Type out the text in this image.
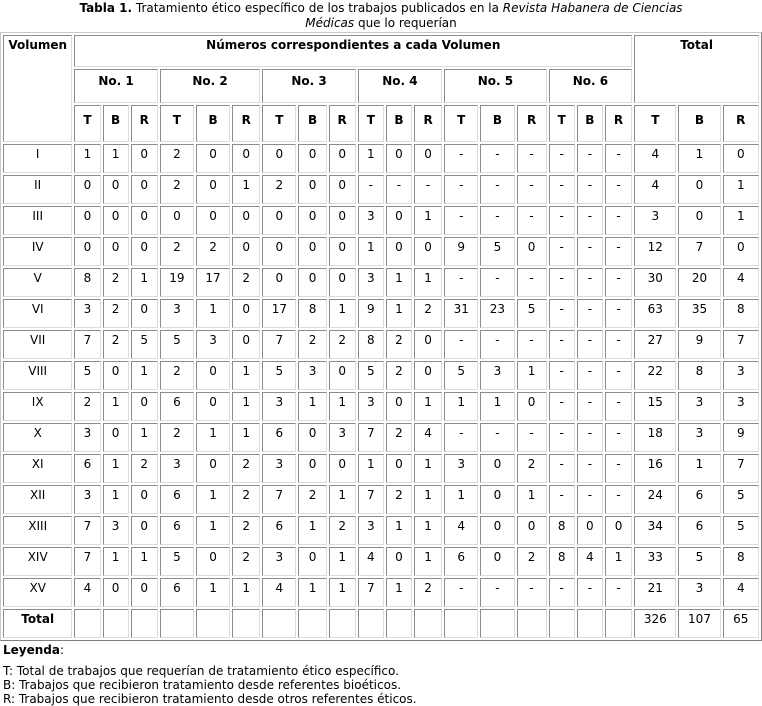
Tabla 1. Tratamiento ético específico de los trabajos publicados en la Revista Habanera de Ciencias Médicas que lo requerían
Volumen	Números correspondientes a cada Volumen																		Total		
	No. 1			No. 2			No. 3			No. 4			No. 5			No. 6					
	T	B	R	T	B	R	T	B	R	T	B	R	T	B	R	T	B	R	T	B	R
I	1	1	0	2	0	0	0	0	0	1	0	0	-	-	-	-	-	-	4	1	0
II	0	0	0	2	0	1	2	0	0	-	-	-	-	-	-	-	-	-	4	0	1
III	0	0	0	0	0	0	0	0	0	3	0	1	-	-	-	-	-	-	3	0	1
IV	0	0	0	2	2	0	0	0	0	1	0	0	9	5	0	-	-	-	12	7	0
V	8	2	1	19	17	2	0	0	0	3	1	1	-	-	-	-	-	-	30	20	4
VI	3	2	0	3	1	0	17	8	1	9	1	2	31	23	5	-	-	-	63	35	8
VII	7	2	5	5	3	0	7	2	2	8	2	0	-	-	-	-	-	-	27	9	7
VIII	5	0	1	2	0	1	5	3	0	5	2	0	5	3	1	-	-	-	22	8	3
IX	2	1	0	6	0	1	3	1	1	3	0	1	1	1	0	-	-	-	15	3	3
X	3	0	1	2	1	1	6	0	3	7	2	4	-	-	-	-	-	-	18	3	9
XI	6	1	2	3	0	2	3	0	0	1	0	1	3	0	2	-	-	-	16	1	7
XII	3	1	0	6	1	2	7	2	1	7	2	1	1	0	1	-	-	-	24	6	5
XIII	7	3	0	6	1	2	6	1	2	3	1	1	4	0	0	8	0	0	34	6	5
XIV	7	1	1	5	0	2	3	0	1	4	0	1	6	0	2	8	4	1	33	5	8
XV	4	0	0	6	1	1	4	1	1	7	1	2	-	-	-	-	-	-	21	3	4
Total																			326	107	65
Leyenda:
T: Total de trabajos que requerían de tratamiento ético específico.
B: Trabajos que recibieron tratamiento desde referentes bioéticos.
R: Trabajos que recibieron tratamiento desde otros referentes éticos.
